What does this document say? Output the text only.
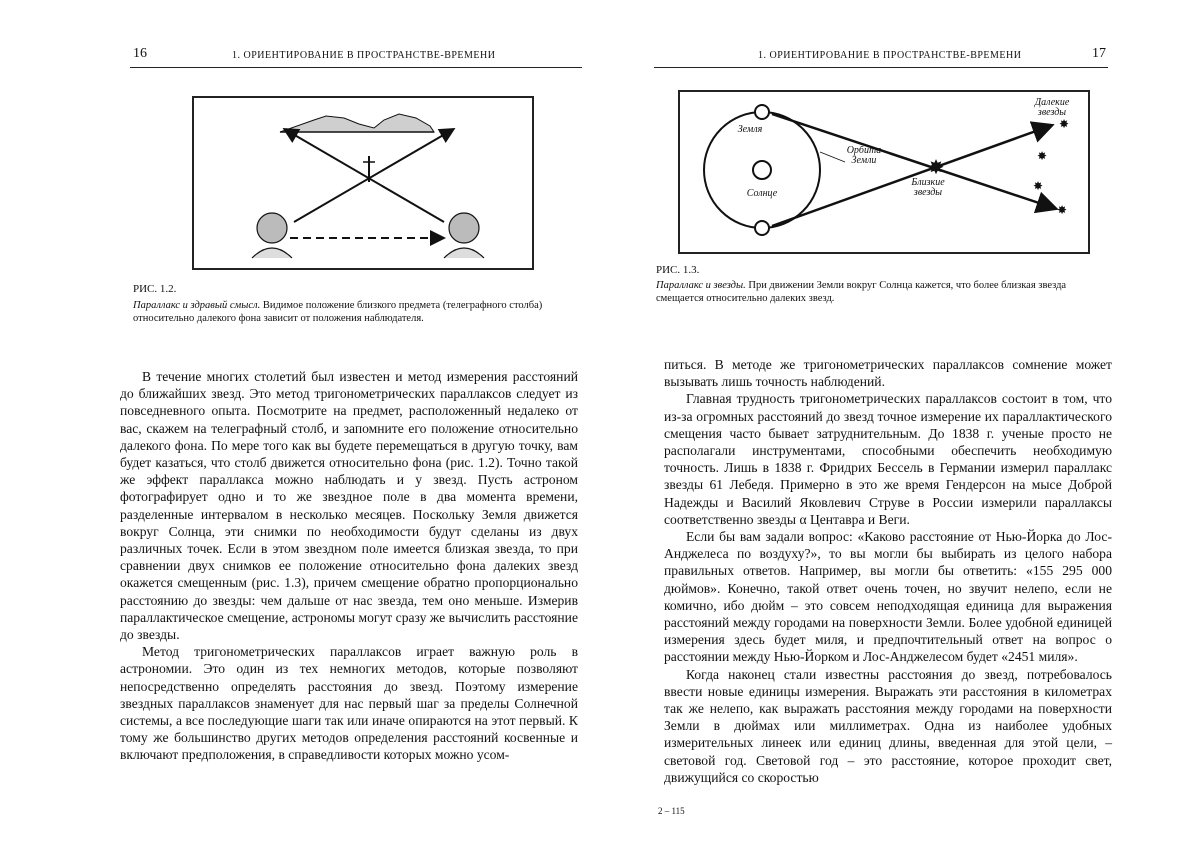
16	1. ОРИЕНТИРОВАНИЕ В ПРОСТРАНСТВЕ-ВРЕМЕНИ
РИС. 1.2.
Параллакс и здравый смысл. Видимое положение близкого предмета (телеграфного столба) относительно далекого фона зависит от положения наблюдателя.

В течение многих столетий был известен и метод измерения расстояний до ближайших звезд. Это метод тригонометрических параллаксов следует из повседневного опыта. Посмотрите на предмет, расположенный недалеко от вас, скажем на телеграфный столб, и запомните его положение относительно далекого фона. По мере того как вы будете перемещаться в другую точку, вам будет казаться, что столб движется относительно фона (рис. 1.2). Точно такой же эффект параллакса можно наблюдать и у звезд. Пусть астроном фотографирует одно и то же звездное поле в два момента времени, разделенные интервалом в несколько месяцев. Поскольку Земля движется вокруг Солнца, эти снимки по необходимости будут сделаны из двух различных точек. Если в этом звездном поле имеется близкая звезда, то при сравнении двух снимков ее положение относительно фона далеких звезд окажется смещенным (рис. 1.3), причем смещение обратно пропорционально расстоянию до звезды: чем дальше от нас звезда, тем оно меньше. Измерив параллактическое смещение, астрономы могут сразу же вычислить расстояние до звезды.

Метод тригонометрических параллаксов играет важную роль в астрономии. Это один из тех немногих методов, которые позволяют непосредственно определять расстояния до звезд. Поэтому измерение звездных параллаксов знаменует для нас первый шаг за пределы Солнечной системы, а все последующие шаги так или иначе опираются на этот первый. К тому же большинство других методов определения расстояний косвенные и включают предположения, в справедливости которых можно усом-

1. ОРИЕНТИРОВАНИЕ В ПРОСТРАНСТВЕ-ВРЕМЕНИ	17
✸
✸
✸
✸
✸
Земля
Солнце
Орбита Земли
Близкие звезды
Далекие звезды
РИС. 1.3.
Параллакс и звезды. При движении Земли вокруг Солнца кажется, что более близкая звезда смещается относительно далеких звезд.

питься. В методе же тригонометрических параллаксов сомнение может вызывать лишь точность наблюдений.

Главная трудность тригонометрических параллаксов состоит в том, что из-за огромных расстояний до звезд точное измерение их параллактического смещения часто бывает затруднительным. До 1838 г. ученые просто не располагали инструментами, способными обеспечить необходимую точность. Лишь в 1838 г. Фридрих Бессель в Германии измерил параллакс звезды 61 Лебедя. Примерно в это же время Гендерсон на мысе Доброй Надежды и Василий Яковлевич Струве в России измерили параллаксы соответственно звезды α Центавра и Веги.

Если бы вам задали вопрос: «Каково расстояние от Нью-Йорка до Лос-Анджелеса по воздуху?», то вы могли бы выбирать из целого набора правильных ответов. Например, вы могли бы ответить: «155 295 000 дюймов». Конечно, такой ответ очень точен, но звучит нелепо, если не комично, ибо дюйм – это совсем неподходящая единица для выражения расстояний между городами на поверхности Земли. Более удобной единицей измерения здесь будет миля, и предпочтительный ответ на вопрос о расстоянии между Нью-Йорком и Лос-Анджелесом будет «2451 миля».

Когда наконец стали известны расстояния до звезд, потребовалось ввести новые единицы измерения. Выражать эти расстояния в километрах так же нелепо, как выражать расстояния между городами на поверхности Земли в дюймах или миллиметрах. Одна из наиболее удобных измерительных линеек или единиц длины, введенная для этой цели, – световой год. Световой год – это расстояние, которое проходит свет, движущийся со скоростью

2 – 115
